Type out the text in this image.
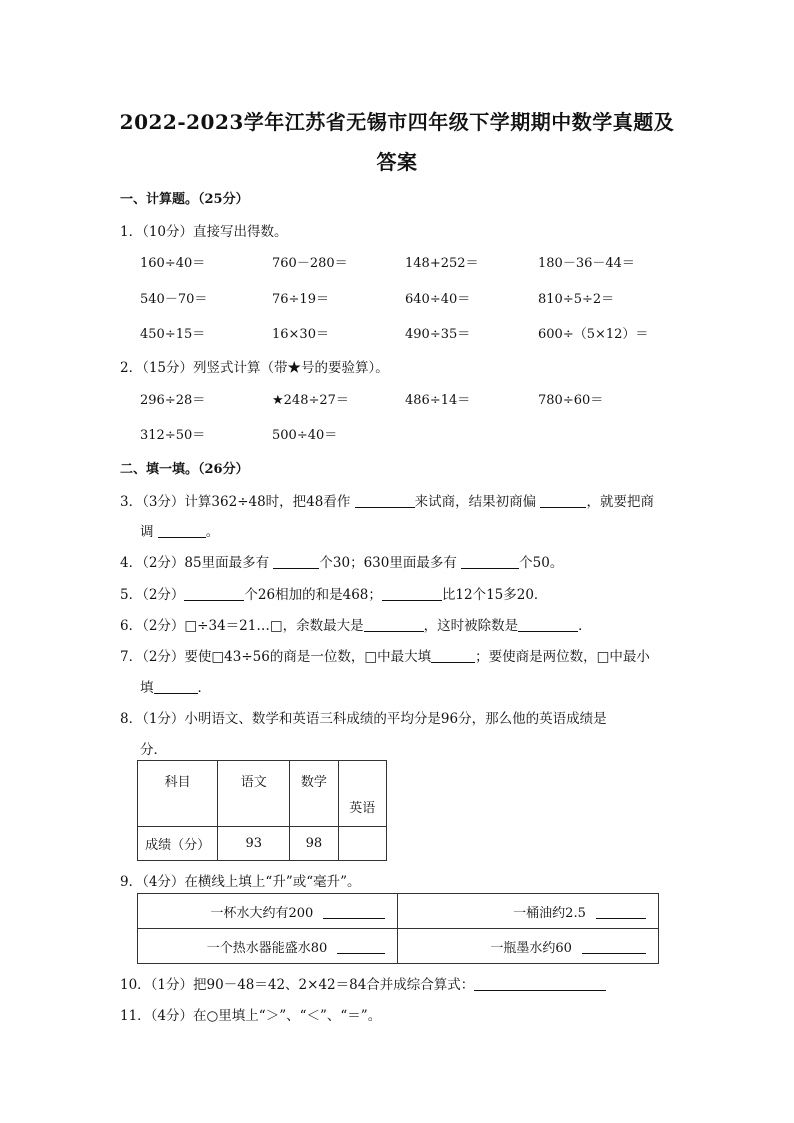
2022-2023学年江苏省无锡市四年级下学期期中数学真题及
答案
一、计算题。（25分）
1．（10分）直接写出得数。
160÷40＝	760－280＝	148+252＝	180－36－44＝
540－70＝	76÷19＝	640÷40＝	810÷5÷2＝
450÷15＝	16×30＝	490÷35＝	600÷（5×12）＝
2．（15分）列竖式计算（带★号的要验算）。
296÷28＝	★248÷27＝	486÷14＝	780÷60＝
312÷50＝	500÷40＝
二、填一填。（26分）
3．（3分）计算362÷48时，把48看作	来试商，结果初商偏	，就要把商
调	。
4．（2分）85里面最多有	个30；630里面最多有	个50。
5．（2分）	个26相加的和是468；	比12个15多20．
6．（2分）□÷34＝21…□，余数最大是	，这时被除数是	．
7．（2分）要使□43÷56的商是一位数，□中最大填	；要使商是两位数，□中最小
填	．
8．（1分）小明语文、数学和英语三科成绩的平均分是96分，那么他的英语成绩是
分．
科目	语文	数学	英语
成绩（分）	93	98	
9．（4分）在横线上填上“升”或“毫升”。
一杯水大约有200	一桶油约2.5
一个热水器能盛水80	一瓶墨水约60
10．（1分）把90－48＝42、2×42＝84合并成综合算式：
11．（4分）在○里填上“＞”、“＜”、“＝”。
